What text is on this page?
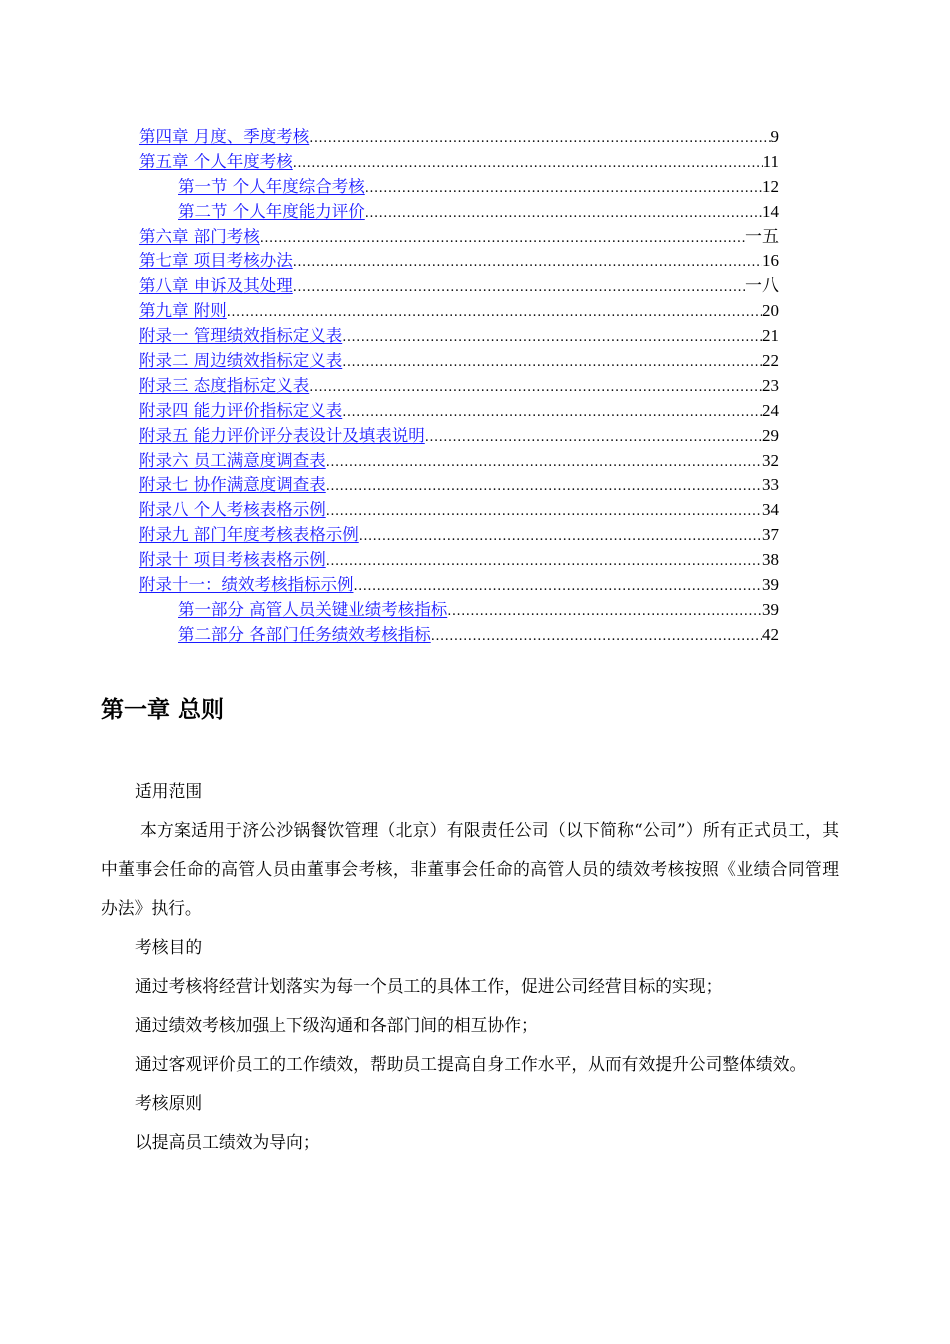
第四章 月度、季度考核 .....	9
第五章 个人年度考核 .....	11
第一节 个人年度综合考核 .....	12
第二节 个人年度能力评价 .....	14
第六章 部门考核 .....	一五
第七章 项目考核办法 .....	16
第八章 申诉及其处理 .....	一八
第九章 附则 .....	20
附录一 管理绩效指标定义表 .....	21
附录二 周边绩效指标定义表 .....	22
附录三 态度指标定义表 .....	23
附录四 能力评价指标定义表 .....	24
附录五 能力评价评分表设计及填表说明 .....	29
附录六 员工满意度调查表 .....	32
附录七 协作满意度调查表 .....	33
附录八 个人考核表格示例 .....	34
附录九 部门年度考核表格示例 .....	37
附录十 项目考核表格示例 .....	38
附录十一：绩效考核指标示例 .....	39
第一部分 高管人员关键业绩考核指标 .....	39
第二部分 各部门任务绩效考核指标 .....	42
第一章 总则

适用范围

本方案适用于济公沙锅餐饮管理（北京）有限责任公司（以下简称“公司”）所有正式员工，其中董事会任命的高管人员由董事会考核，非董事会任命的高管人员的绩效考核按照《业绩合同管理办法》执行。

考核目的

通过考核将经营计划落实为每一个员工的具体工作，促进公司经营目标的实现；

通过绩效考核加强上下级沟通和各部门间的相互协作；

通过客观评价员工的工作绩效，帮助员工提高自身工作水平，从而有效提升公司整体绩效。

考核原则

以提高员工绩效为导向；
